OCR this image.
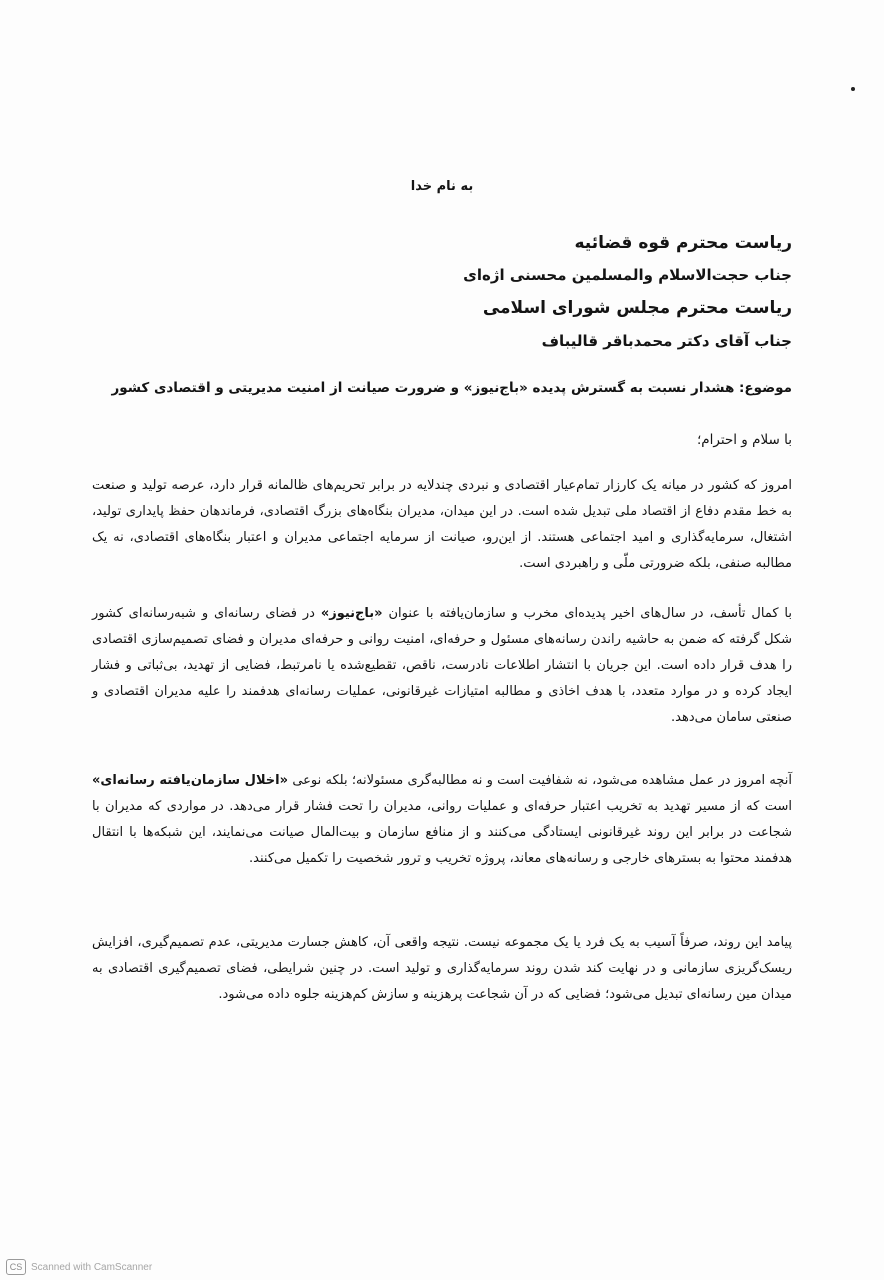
به نام خدا
ریاست محترم قوه قضائیه
جناب حجت‌الاسلام والمسلمین محسنی اژه‌ای
ریاست محترم مجلس شورای اسلامی
جناب آقای دکتر محمدباقر قالیباف
موضوع: هشدار نسبت به گسترش پدیده «باج‌نیوز» و ضرورت صیانت از امنیت مدیریتی و اقتصادی کشور
با سلام و احترام؛
امروز که کشور در میانه یک کارزار تمام‌عیار اقتصادی و نبردی چندلایه در برابر تحریم‌های ظالمانه قرار دارد، عرصه تولید و صنعت به خط مقدم دفاع از اقتصاد ملی تبدیل شده است. در این میدان، مدیران بنگاه‌های بزرگ اقتصادی، فرماندهان حفظ پایداری تولید، اشتغال، سرمایه‌گذاری و امید اجتماعی هستند. از این‌رو، صیانت از سرمایه اجتماعی مدیران و اعتبار بنگاه‌های اقتصادی، نه یک مطالبه صنفی، بلکه ضرورتی ملّی و راهبردی است.
با کمال تأسف، در سال‌های اخیر پدیده‌ای مخرب و سازمان‌یافته با عنوان «باج‌نیوز» در فضای رسانه‌ای و شبه‌رسانه‌ای کشور شکل گرفته که ضمن به حاشیه راندن رسانه‌های مسئول و حرفه‌ای، امنیت روانی و حرفه‌ای مدیران و فضای تصمیم‌سازی اقتصادی را هدف قرار داده است. این جریان با انتشار اطلاعات نادرست، ناقص، تقطیع‌شده یا نامرتبط، فضایی از تهدید، بی‌ثباتی و فشار ایجاد کرده و در موارد متعدد، با هدف اخاذی و مطالبه امتیازات غیرقانونی، عملیات رسانه‌ای هدفمند را علیه مدیران اقتصادی و صنعتی سامان می‌دهد.
آنچه امروز در عمل مشاهده می‌شود، نه شفافیت است و نه مطالبه‌گری مسئولانه؛ بلکه نوعی «اخلال سازمان‌یافته رسانه‌ای» است که از مسیر تهدید به تخریب اعتبار حرفه‌ای و عملیات روانی، مدیران را تحت فشار قرار می‌دهد. در مواردی که مدیران با شجاعت در برابر این روند غیرقانونی ایستادگی می‌کنند و از منافع سازمان و بیت‌المال صیانت می‌نمایند، این شبکه‌ها با انتقال هدفمند محتوا به بسترهای خارجی و رسانه‌های معاند، پروژه تخریب و ترور شخصیت را تکمیل می‌کنند.
پیامد این روند، صرفاً آسیب به یک فرد یا یک مجموعه نیست. نتیجه واقعی آن، کاهش جسارت مدیریتی، عدم تصمیم‌گیری، افزایش ریسک‌گریزی سازمانی و در نهایت کند شدن روند سرمایه‌گذاری و تولید است. در چنین شرایطی، فضای تصمیم‌گیری اقتصادی به میدان مین رسانه‌ای تبدیل می‌شود؛ فضایی که در آن شجاعت پرهزینه و سازش کم‌هزینه جلوه داده می‌شود.
CS Scanned with CamScanner
